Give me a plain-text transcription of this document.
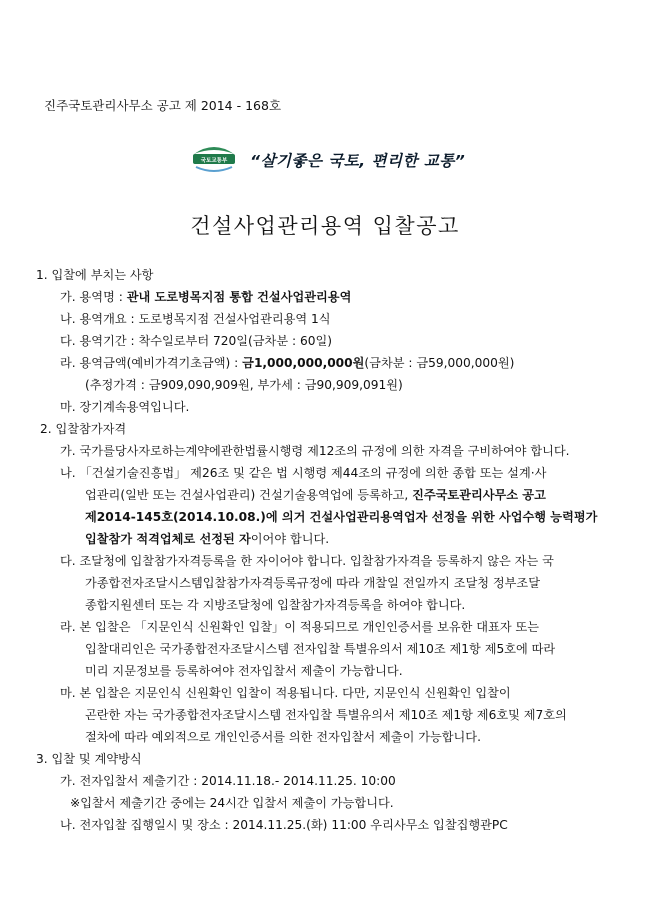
진주국토관리사무소 공고 제 2014 - 168호
국토교통부	“살기좋은 국토, 편리한 교통”
건설사업관리용역 입찰공고
1. 입찰에 부치는 사항
가. 용역명 : 관내 도로병목지점 통합 건설사업관리용역
나. 용역개요 : 도로병목지점 건설사업관리용역 1식
다. 용역기간 : 착수일로부터 720일(금차분 : 60일)
라. 용역금액(예비가격기초금액) : 금1,000,000,000원(금차분 : 금59,000,000원)
(추정가격 : 금909,090,909원, 부가세 : 금90,909,091원)
마. 장기계속용역입니다.
2. 입찰참가자격
가. 국가를당사자로하는계약에관한법률시행령 제12조의 규정에 의한 자격을 구비하여야 합니다.
나. 「건설기술진흥법」 제26조 및 같은 법 시행령 제44조의 규정에 의한 종합 또는 설계·사
업관리(일반 또는 건설사업관리) 건설기술용역업에 등록하고, 진주국토관리사무소 공고
제2014-145호(2014.10.08.)에 의거 건설사업관리용역업자 선정을 위한 사업수행 능력평가
입찰참가 적격업체로 선정된 자이어야 합니다.
다. 조달청에 입찰참가자격등록을 한 자이어야 합니다. 입찰참가자격을 등록하지 않은 자는 국
가종합전자조달시스템입찰참가자격등록규정에 따라 개찰일 전일까지 조달청 정부조달
종합지원센터 또는 각 지방조달청에 입찰참가자격등록을 하여야 합니다.
라. 본 입찰은 「지문인식 신원확인 입찰」이 적용되므로 개인인증서를 보유한 대표자 또는
입찰대리인은 국가종합전자조달시스템 전자입찰 특별유의서 제10조 제1항 제5호에 따라
미리 지문정보를 등록하여야 전자입찰서 제출이 가능합니다.
마. 본 입찰은 지문인식 신원확인 입찰이 적용됩니다. 다만, 지문인식 신원확인 입찰이
곤란한 자는 국가종합전자조달시스템 전자입찰 특별유의서 제10조 제1항 제6호및 제7호의
절차에 따라 예외적으로 개인인증서를 의한 전자입찰서 제출이 가능합니다.
3. 입찰 및 계약방식
가. 전자입찰서 제출기간 : 2014.11.18.- 2014.11.25. 10:00
※입찰서 제출기간 중에는 24시간 입찰서 제출이 가능합니다.
나. 전자입찰 집행일시 및 장소 : 2014.11.25.(화) 11:00 우리사무소 입찰집행관PC
